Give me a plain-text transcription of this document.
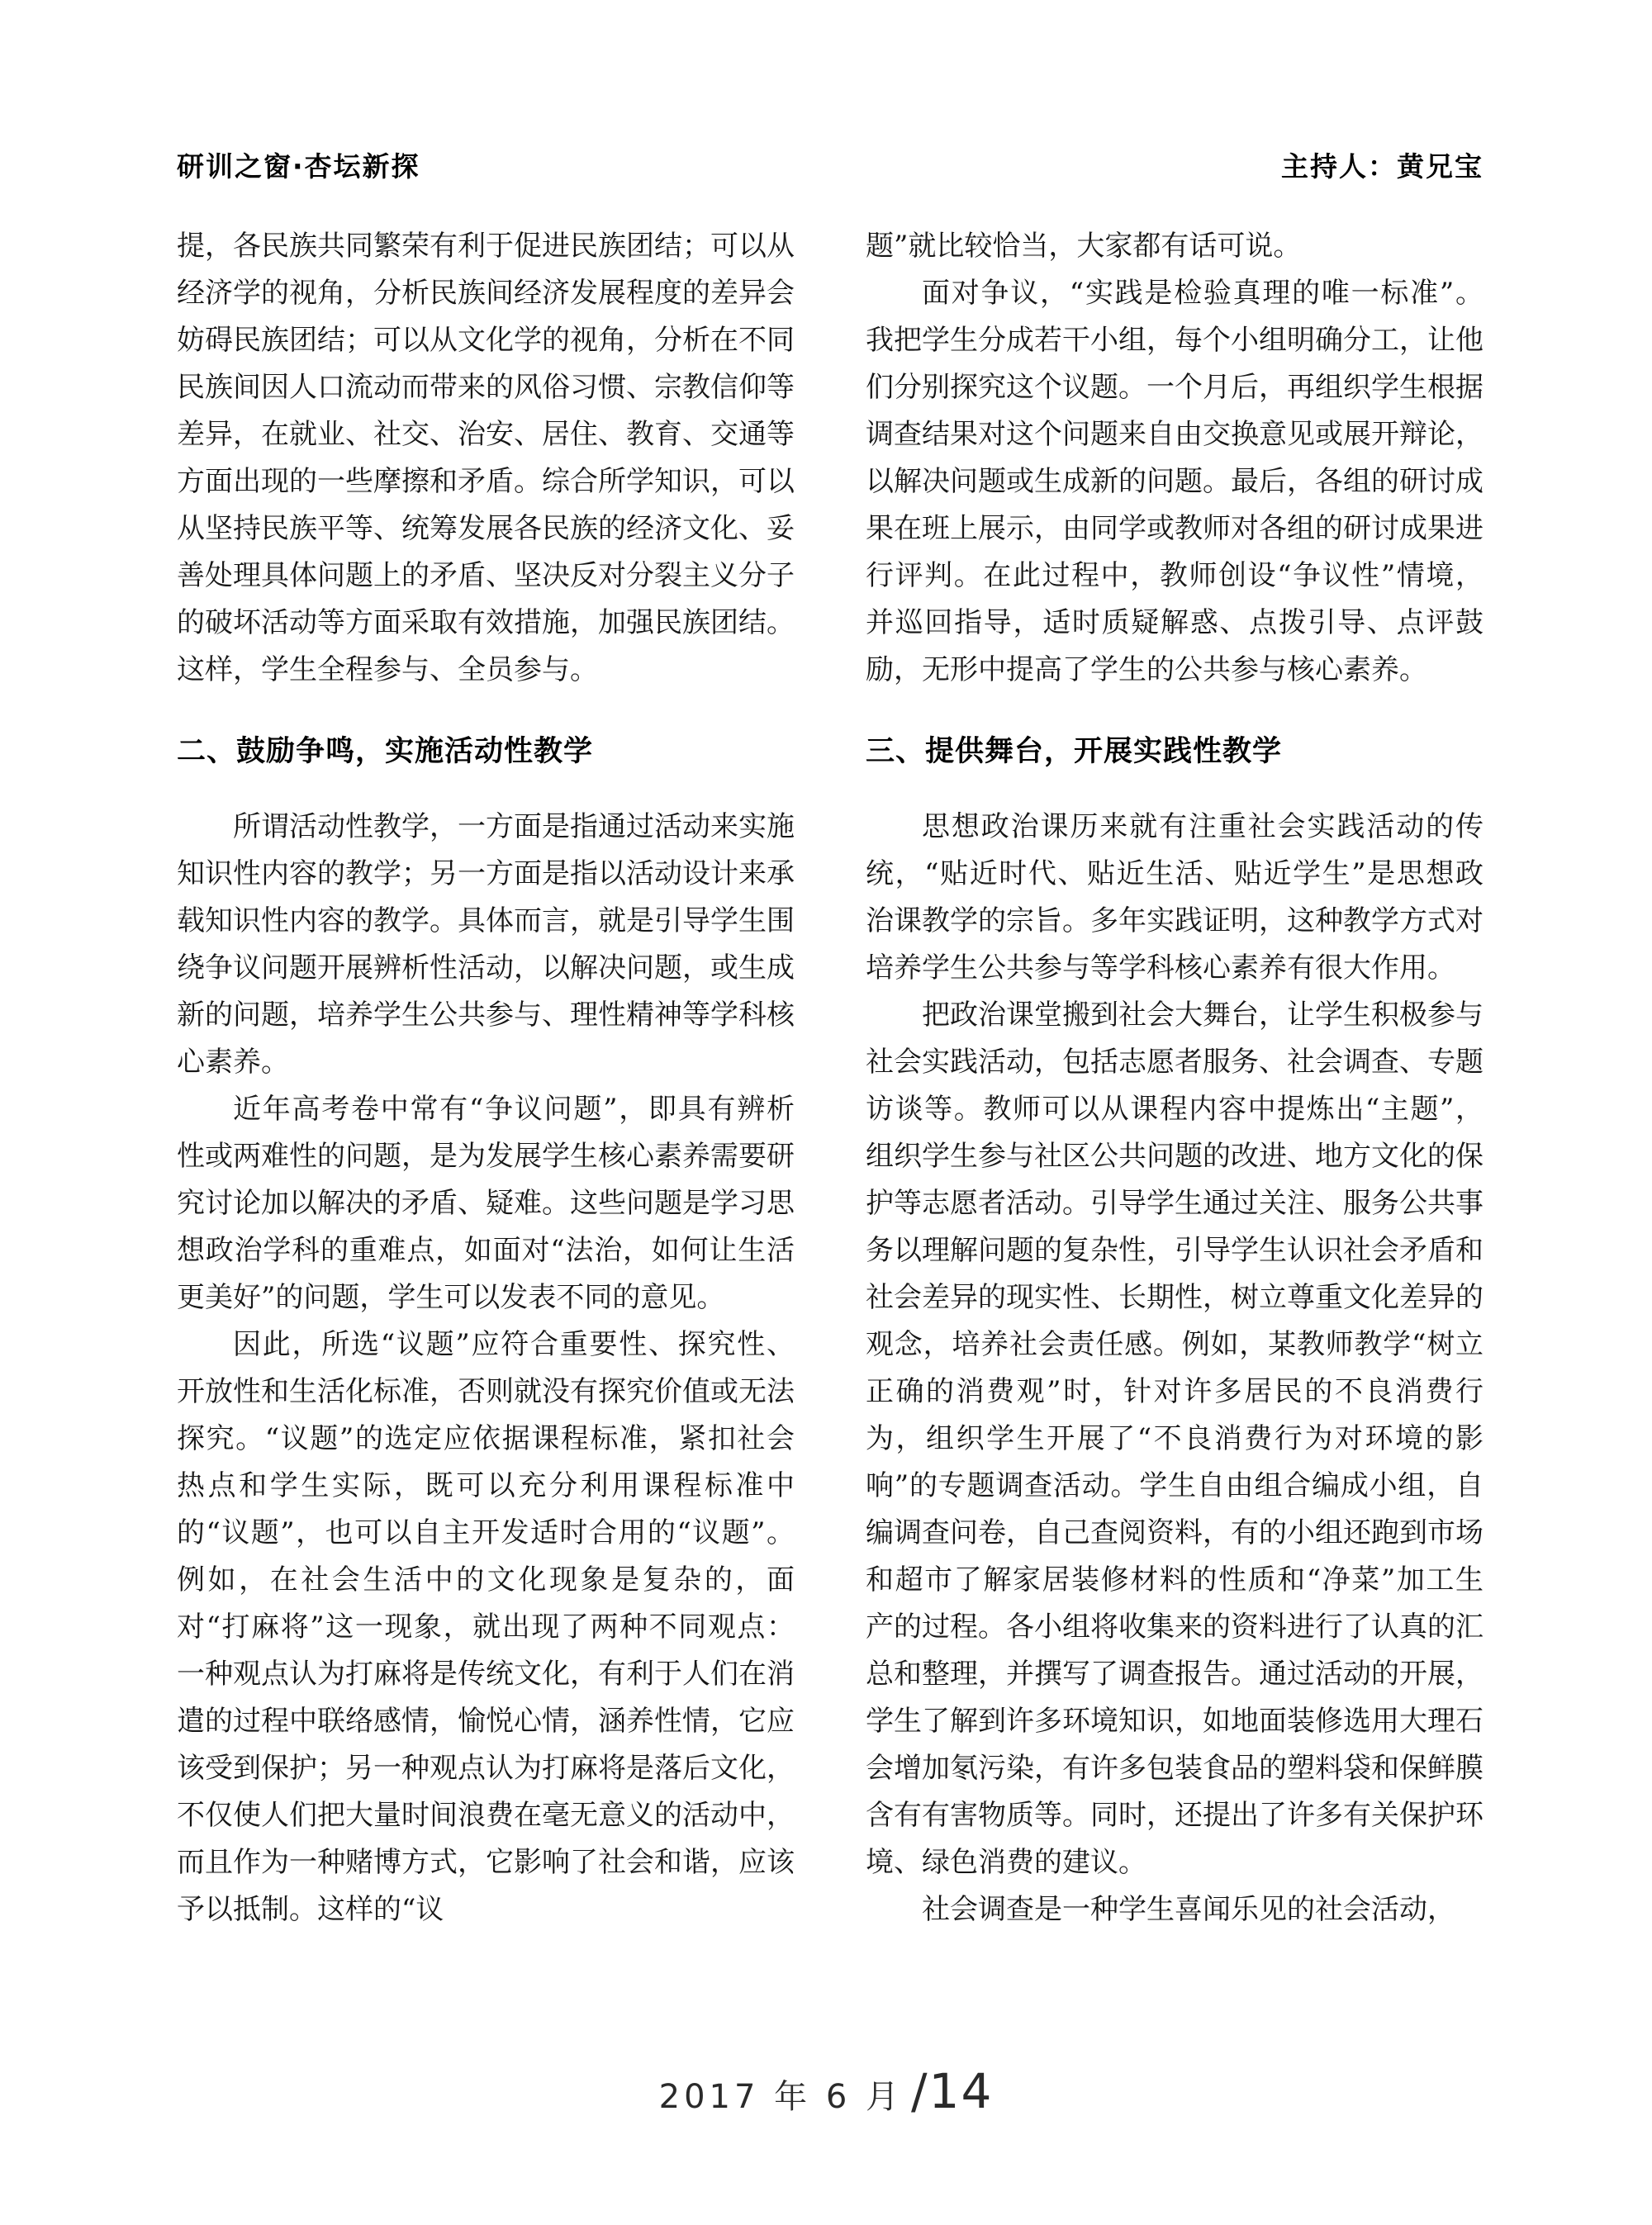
研训之窗·杏坛新探	主持人：黄兄宝

提，各民族共同繁荣有利于促进民族团结；可以从经济学的视角，分析民族间经济发展程度的差异会妨碍民族团结；可以从文化学的视角，分析在不同民族间因人口流动而带来的风俗习惯、宗教信仰等差异，在就业、社交、治安、居住、教育、交通等方面出现的一些摩擦和矛盾。综合所学知识，可以从坚持民族平等、统筹发展各民族的经济文化、妥善处理具体问题上的矛盾、坚决反对分裂主义分子的破坏活动等方面采取有效措施，加强民族团结。这样，学生全程参与、全员参与。

二、鼓励争鸣，实施活动性教学

所谓活动性教学，一方面是指通过活动来实施知识性内容的教学；另一方面是指以活动设计来承载知识性内容的教学。具体而言，就是引导学生围绕争议问题开展辨析性活动，以解决问题，或生成新的问题，培养学生公共参与、理性精神等学科核心素养。

近年高考卷中常有“争议问题”，即具有辨析性或两难性的问题，是为发展学生核心素养需要研究讨论加以解决的矛盾、疑难。这些问题是学习思想政治学科的重难点，如面对“法治，如何让生活更美好”的问题，学生可以发表不同的意见。

因此，所选“议题”应符合重要性、探究性、开放性和生活化标准，否则就没有探究价值或无法探究。“议题”的选定应依据课程标准，紧扣社会热点和学生实际，既可以充分利用课程标准中的“议题”，也可以自主开发适时合用的“议题”。例如，在社会生活中的文化现象是复杂的，面对“打麻将”这一现象，就出现了两种不同观点：一种观点认为打麻将是传统文化，有利于人们在消遣的过程中联络感情，愉悦心情，涵养性情，它应该受到保护；另一种观点认为打麻将是落后文化，不仅使人们把大量时间浪费在毫无意义的活动中，而且作为一种赌博方式，它影响了社会和谐，应该予以抵制。这样的“议

题”就比较恰当，大家都有话可说。

面对争议，“实践是检验真理的唯一标准”。我把学生分成若干小组，每个小组明确分工，让他们分别探究这个议题。一个月后，再组织学生根据调查结果对这个问题来自由交换意见或展开辩论，以解决问题或生成新的问题。最后，各组的研讨成果在班上展示，由同学或教师对各组的研讨成果进行评判。在此过程中，教师创设“争议性”情境，并巡回指导，适时质疑解惑、点拨引导、点评鼓励，无形中提高了学生的公共参与核心素养。

三、提供舞台，开展实践性教学

思想政治课历来就有注重社会实践活动的传统，“贴近时代、贴近生活、贴近学生”是思想政治课教学的宗旨。多年实践证明，这种教学方式对培养学生公共参与等学科核心素养有很大作用。

把政治课堂搬到社会大舞台，让学生积极参与社会实践活动，包括志愿者服务、社会调查、专题访谈等。教师可以从课程内容中提炼出“主题”，组织学生参与社区公共问题的改进、地方文化的保护等志愿者活动。引导学生通过关注、服务公共事务以理解问题的复杂性，引导学生认识社会矛盾和社会差异的现实性、长期性，树立尊重文化差异的观念，培养社会责任感。例如，某教师教学“树立正确的消费观”时，针对许多居民的不良消费行为，组织学生开展了“不良消费行为对环境的影响”的专题调查活动。学生自由组合编成小组，自编调查问卷，自己查阅资料，有的小组还跑到市场和超市了解家居装修材料的性质和“净菜”加工生产的过程。各小组将收集来的资料进行了认真的汇总和整理，并撰写了调查报告。通过活动的开展，学生了解到许多环境知识，如地面装修选用大理石会增加氡污染，有许多包装食品的塑料袋和保鲜膜含有有害物质等。同时，还提出了许多有关保护环境、绿色消费的建议。

社会调查是一种学生喜闻乐见的社会活动，

2017 年 6 月 /14
